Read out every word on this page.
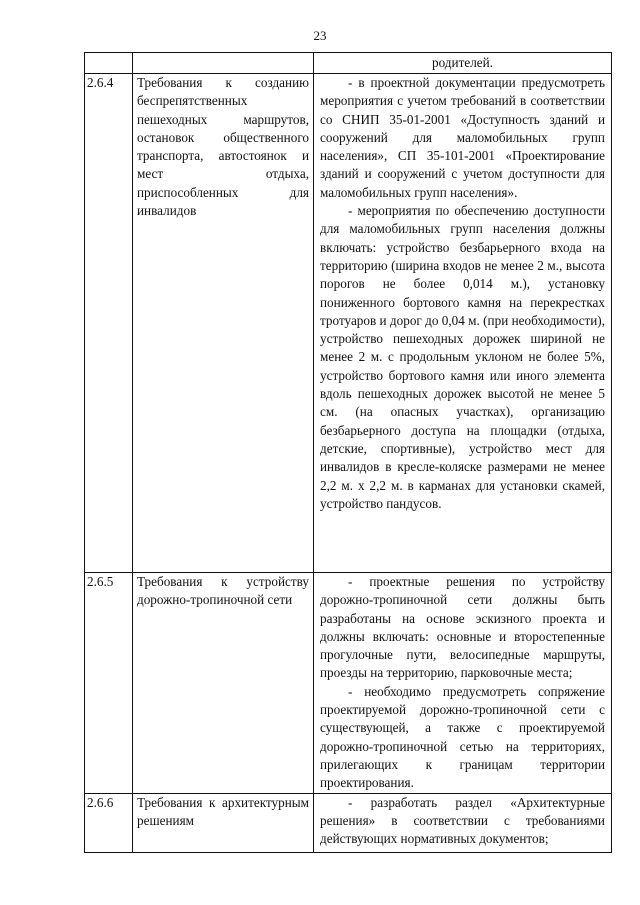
23

		родителей.

2.6.4	Требования к созданию беспрепятственных пешеходных маршрутов, остановок общественного транспорта, автостоянок и мест отдыха, приспособленных для инвалидов	- в проектной документации предусмотреть мероприятия с учетом требований в соответствии со СНИП 35-01-2001 «Доступность зданий и сооружений для маломобильных групп населения», СП 35-101-2001 «Проектирование зданий и сооружений с учетом доступности для маломобильных групп населения».

- мероприятия по обеспечению доступности для маломобильных групп населения должны включать: устройство безбарьерного входа на территорию (ширина входов не менее 2 м., высота порогов не более 0,014 м.), установку пониженного бортового камня на перекрестках тротуаров и дорог до 0,04 м. (при необходимости), устройство пешеходных дорожек шириной не менее 2 м. с продольным уклоном не более 5%, устройство бортового камня или иного элемента вдоль пешеходных дорожек высотой не менее 5 см. (на опасных участках), организацию безбарьерного доступа на площадки (отдыха, детские, спортивные), устройство мест для инвалидов в кресле-коляске размерами не менее 2,2 м. х 2,2 м. в карманах для установки скамей, устройство пандусов.

2.6.5	Требования к устройству дорожно-тропиночной сети	- проектные решения по устройству дорожно-тропиночной сети должны быть разработаны на основе эскизного проекта и должны включать: основные и второстепенные прогулочные пути, велосипедные маршруты, проезды на территорию, парковочные места;

- необходимо предусмотреть сопряжение проектируемой дорожно-тропиночной сети с существующей, а также с проектируемой дорожно-тропиночной сетью на территориях, прилегающих к границам территории проектирования.

2.6.6	Требования к архитектурным решениям	- разработать раздел «Архитектурные решения» в соответствии с требованиями действующих нормативных документов;
